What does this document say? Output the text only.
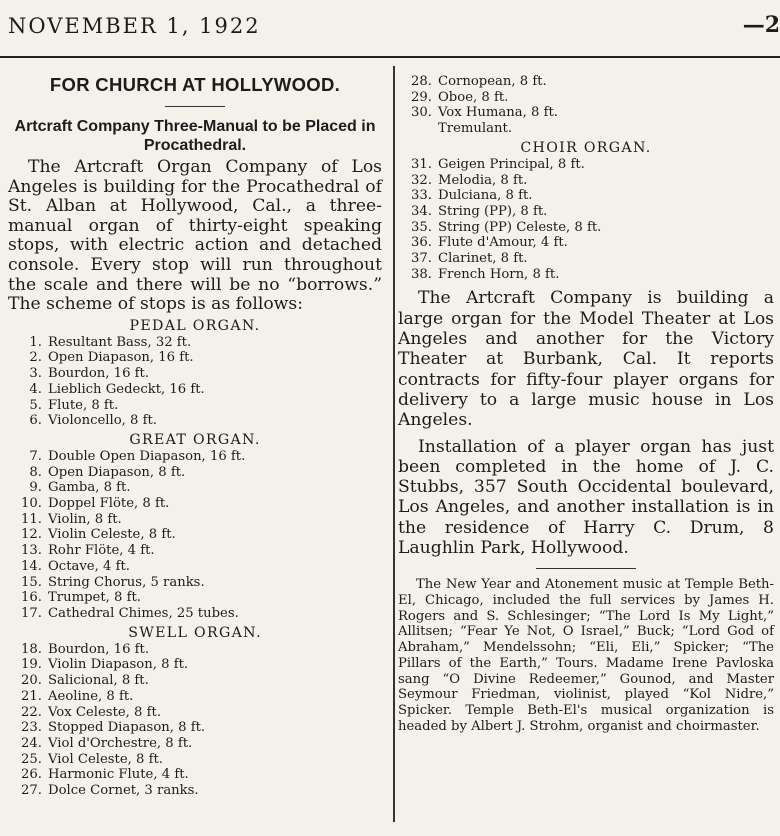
NOVEMBER 1, 1922	—2
FOR CHURCH AT HOLLYWOOD.
Artcraft Company Three-Manual to be Placed in Procathedral.

The Artcraft Organ Company of Los Angeles is building for the Procathedral of St. Alban at Hollywood, Cal., a three-manual organ of thirty-eight speaking stops, with electric action and detached console. Every stop will run throughout the scale and there will be no “borrows.” The scheme of stops is as follows:

PEDAL ORGAN.
1. Resultant Bass, 32 ft.
2. Open Diapason, 16 ft.
3. Bourdon, 16 ft.
4. Lieblich Gedeckt, 16 ft.
5. Flute, 8 ft.
6. Violoncello, 8 ft.
GREAT ORGAN.
7. Double Open Diapason, 16 ft.
8. Open Diapason, 8 ft.
9. Gamba, 8 ft.
10. Doppel Flöte, 8 ft.
11. Violin, 8 ft.
12. Violin Celeste, 8 ft.
13. Rohr Flöte, 4 ft.
14. Octave, 4 ft.
15. String Chorus, 5 ranks.
16. Trumpet, 8 ft.
17. Cathedral Chimes, 25 tubes.
SWELL ORGAN.
18. Bourdon, 16 ft.
19. Violin Diapason, 8 ft.
20. Salicional, 8 ft.
21. Aeoline, 8 ft.
22. Vox Celeste, 8 ft.
23. Stopped Diapason, 8 ft.
24. Viol d'Orchestre, 8 ft.
25. Viol Celeste, 8 ft.
26. Harmonic Flute, 4 ft.
27. Dolce Cornet, 3 ranks.
28. Cornopean, 8 ft.
29. Oboe, 8 ft.
30. Vox Humana, 8 ft.
Tremulant.
CHOIR ORGAN.
31. Geigen Principal, 8 ft.
32. Melodia, 8 ft.
33. Dulciana, 8 ft.
34. String (PP), 8 ft.
35. String (PP) Celeste, 8 ft.
36. Flute d'Amour, 4 ft.
37. Clarinet, 8 ft.
38. French Horn, 8 ft.

The Artcraft Company is building a large organ for the Model Theater at Los Angeles and another for the Victory Theater at Burbank, Cal. It reports contracts for fifty-four player organs for delivery to a large music house in Los Angeles.

Installation of a player organ has just been completed in the home of J. C. Stubbs, 357 South Occidental boulevard, Los Angeles, and another installation is in the residence of Harry C. Drum, 8 Laughlin Park, Hollywood.

The New Year and Atonement music at Temple Beth-El, Chicago, included the full services by James H. Rogers and S. Schlesinger; “The Lord Is My Light,” Allitsen; “Fear Ye Not, O Israel,” Buck; “Lord God of Abraham,” Mendelssohn; “Eli, Eli,” Spicker; “The Pillars of the Earth,” Tours. Madame Irene Pavloska sang “O Divine Redeemer,” Gounod, and Master Seymour Friedman, violinist, played “Kol Nidre,” Spicker. Temple Beth-El's musical organization is headed by Albert J. Strohm, organist and choirmaster.
